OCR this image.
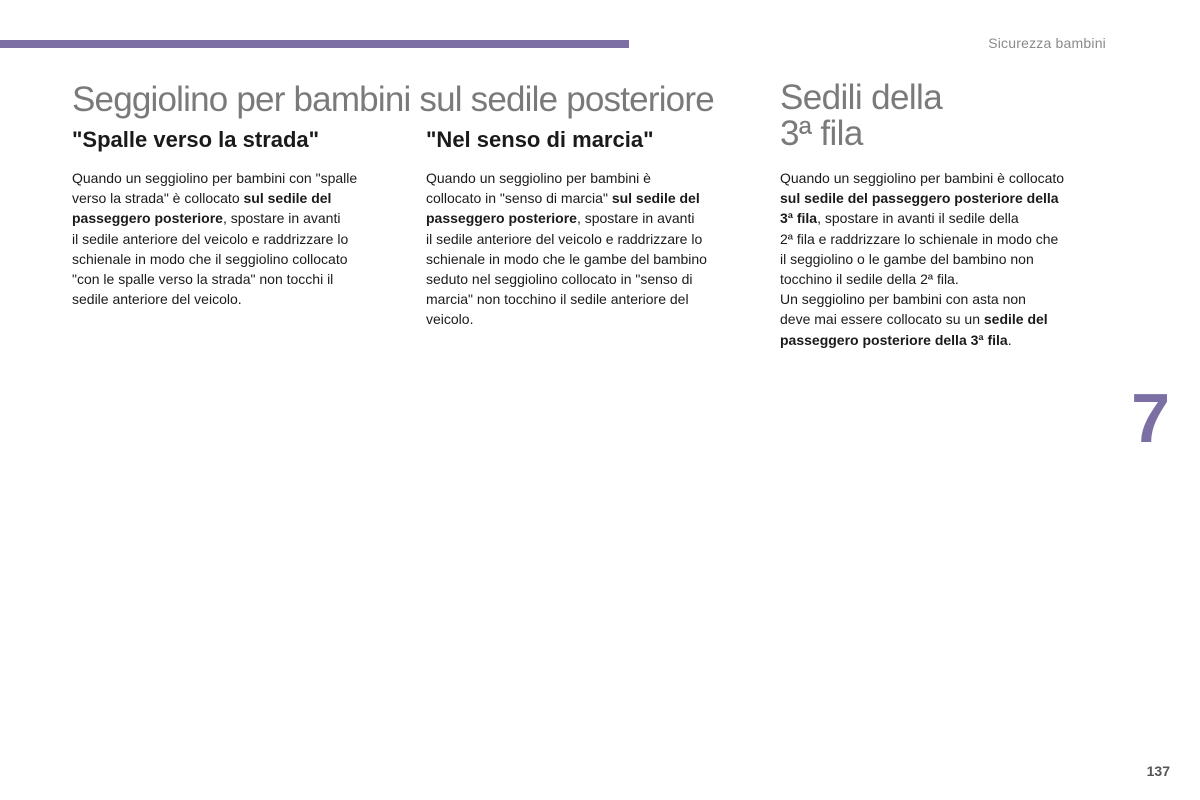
Sicurezza bambini
Seggiolino per bambini sul sedile posteriore Sedili della
3ª fila
"Spalle verso la strada"	"Nel senso di marcia"
Quando un seggiolino per bambini con "spalle
verso la strada" è collocato sul sedile del
passeggero posteriore, spostare in avanti
il sedile anteriore del veicolo e raddrizzare lo
schienale in modo che il seggiolino collocato
"con le spalle verso la strada" non tocchi il
sedile anteriore del veicolo.
Quando un seggiolino per bambini è
collocato in "senso di marcia" sul sedile del
passeggero posteriore, spostare in avanti
il sedile anteriore del veicolo e raddrizzare lo
schienale in modo che le gambe del bambino
seduto nel seggiolino collocato in "senso di
marcia" non tocchino il sedile anteriore del
veicolo.
Quando un seggiolino per bambini è collocato
sul sedile del passeggero posteriore della
3ª fila, spostare in avanti il sedile della
2ª fila e raddrizzare lo schienale in modo che
il seggiolino o le gambe del bambino non
tocchino il sedile della 2ª fila.
Un seggiolino per bambini con asta non
deve mai essere collocato su un sedile del
passeggero posteriore della 3ª fila.
7
137
